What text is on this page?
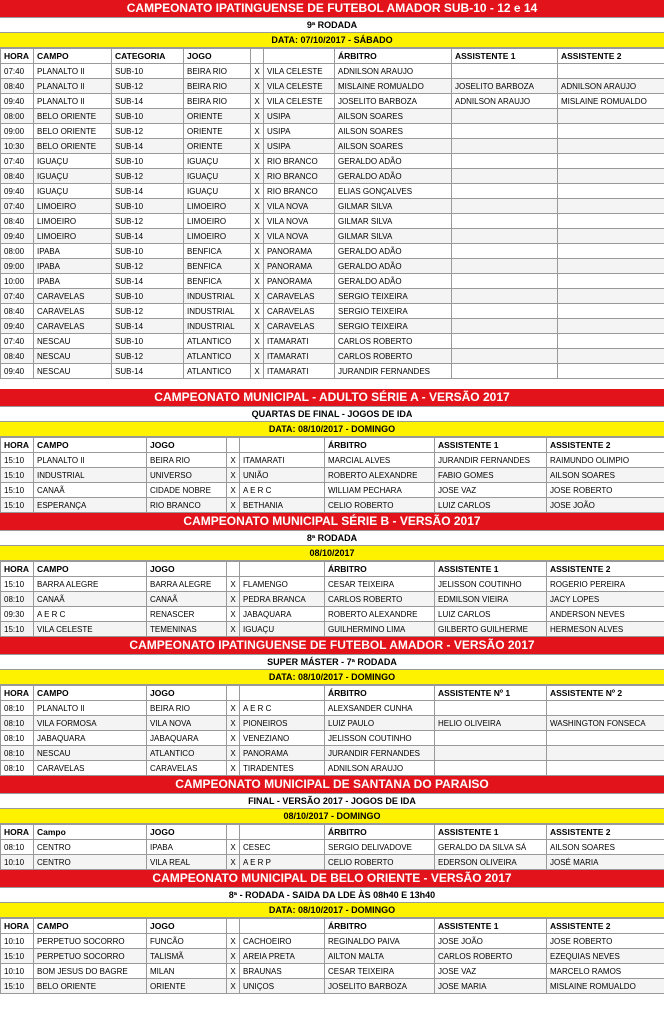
CAMPEONATO IPATINGUENSE DE FUTEBOL AMADOR SUB-10 - 12 e 14
9ª RODADA
DATA: 07/10/2017 - SÁBADO
HORA	CAMPO	CATEGORIA	JOGO			ÁRBITRO	ASSISTENTE 1	ASSISTENTE 2
07:40	PLANALTO II	SUB-10	BEIRA RIO	X	VILA CELESTE	ADNILSON ARAUJO		
08:40	PLANALTO II	SUB-12	BEIRA RIO	X	VILA CELESTE	MISLAINE ROMUALDO	JOSELITO BARBOZA	ADNILSON ARAUJO
09:40	PLANALTO II	SUB-14	BEIRA RIO	X	VILA CELESTE	JOSELITO BARBOZA	ADNILSON ARAUJO	MISLAINE ROMUALDO
08:00	BELO ORIENTE	SUB-10	ORIENTE	X	USIPA	AILSON SOARES		
09:00	BELO ORIENTE	SUB-12	ORIENTE	X	USIPA	AILSON SOARES		
10:30	BELO ORIENTE	SUB-14	ORIENTE	X	USIPA	AILSON SOARES		
07:40	IGUAÇU	SUB-10	IGUAÇU	X	RIO BRANCO	GERALDO ADÃO		
08:40	IGUAÇU	SUB-12	IGUAÇU	X	RIO BRANCO	GERALDO ADÃO		
09:40	IGUAÇU	SUB-14	IGUAÇU	X	RIO BRANCO	ELIAS GONÇALVES		
07:40	LIMOEIRO	SUB-10	LIMOEIRO	X	VILA NOVA	GILMAR SILVA		
08:40	LIMOEIRO	SUB-12	LIMOEIRO	X	VILA NOVA	GILMAR SILVA		
09:40	LIMOEIRO	SUB-14	LIMOEIRO	X	VILA NOVA	GILMAR SILVA		
08:00	IPABA	SUB-10	BENFICA	X	PANORAMA	GERALDO ADÃO		
09:00	IPABA	SUB-12	BENFICA	X	PANORAMA	GERALDO ADÃO		
10:00	IPABA	SUB-14	BENFICA	X	PANORAMA	GERALDO ADÃO		
07:40	CARAVELAS	SUB-10	INDUSTRIAL	X	CARAVELAS	SERGIO TEIXEIRA		
08:40	CARAVELAS	SUB-12	INDUSTRIAL	X	CARAVELAS	SERGIO TEIXEIRA		
09:40	CARAVELAS	SUB-14	INDUSTRIAL	X	CARAVELAS	SERGIO TEIXEIRA		
07:40	NESCAU	SUB-10	ATLANTICO	X	ITAMARATI	CARLOS ROBERTO		
08:40	NESCAU	SUB-12	ATLANTICO	X	ITAMARATI	CARLOS ROBERTO		
09:40	NESCAU	SUB-14	ATLANTICO	X	ITAMARATI	JURANDIR FERNANDES		
CAMPEONATO MUNICIPAL - ADULTO SÉRIE A - VERSÃO 2017
QUARTAS DE FINAL - JOGOS DE IDA
DATA: 08/10/2017 - DOMINGO
HORA	CAMPO	JOGO			ÁRBITRO	ASSISTENTE 1	ASSISTENTE 2
15:10	PLANALTO II	BEIRA RIO	X	ITAMARATI	MARCIAL ALVES	JURANDIR FERNANDES	RAIMUNDO OLIMPIO
15:10	INDUSTRIAL	UNIVERSO	X	UNIÃO	ROBERTO ALEXANDRE	FABIO GOMES	AILSON SOARES
15:10	CANAÃ	CIDADE NOBRE	X	A E R C	WILLIAM PECHARA	JOSE VAZ	JOSE ROBERTO
15:10	ESPERANÇA	RIO BRANCO	X	BETHANIA	CELIO ROBERTO	LUIZ CARLOS	JOSE JOÃO
CAMPEONATO MUNICIPAL SÉRIE B - VERSÃO 2017
8ª RODADA
08/10/2017
HORA	CAMPO	JOGO			ÁRBITRO	ASSISTENTE 1	ASSISTENTE 2
15:10	BARRA ALEGRE	BARRA ALEGRE	X	FLAMENGO	CESAR TEIXEIRA	JELISSON COUTINHO	ROGERIO PEREIRA
08:10	CANAÃ	CANAÃ	X	PEDRA BRANCA	CARLOS ROBERTO	EDMILSON VIEIRA	JACY LOPES
09:30	A E R C	RENASCER	X	JABAQUARA	ROBERTO ALEXANDRE	LUIZ CARLOS	ANDERSON NEVES
15:10	VILA CELESTE	TEMENINAS	X	IGUAÇU	GUILHERMINO LIMA	GILBERTO GUILHERME	HERMESON ALVES
CAMPEONATO IPATINGUENSE DE FUTEBOL AMADOR - VERSÃO 2017
SUPER MÁSTER - 7ª RODADA
DATA: 08/10/2017 - DOMINGO
HORA	CAMPO	JOGO			ÁRBITRO	ASSISTENTE Nº 1	ASSISTENTE Nº 2
08:10	PLANALTO II	BEIRA RIO	X	A E R C	ALEXSANDER CUNHA		
08:10	VILA FORMOSA	VILA NOVA	X	PIONEIROS	LUIZ PAULO	HELIO OLIVEIRA	WASHINGTON FONSECA
08:10	JABAQUARA	JABAQUARA	X	VENEZIANO	JELISSON COUTINHO		
08:10	NESCAU	ATLANTICO	X	PANORAMA	JURANDIR FERNANDES		
08:10	CARAVELAS	CARAVELAS	X	TIRADENTES	ADNILSON ARAUJO		
CAMPEONATO MUNICIPAL DE SANTANA DO PARAISO
FINAL - VERSÃO 2017 - JOGOS DE IDA
08/10/2017 - DOMINGO
HORA	Campo	JOGO			ÁRBITRO	ASSISTENTE 1	ASSISTENTE 2
08:10	CENTRO	IPABA	X	CESEC	SERGIO DELIVADOVE	GERALDO DA SILVA SÁ	AILSON SOARES
10:10	CENTRO	VILA REAL	X	A E R P	CELIO ROBERTO	EDERSON OLIVEIRA	JOSÉ MARIA
CAMPEONATO MUNICIPAL DE BELO ORIENTE - VERSÃO 2017
8ª - RODADA - SAIDA DA LDE ÀS 08h40 E 13h40
DATA: 08/10/2017 - DOMINGO
HORA	CAMPO	JOGO			ÁRBITRO	ASSISTENTE 1	ASSISTENTE 2
10:10	PERPETUO SOCORRO	FUNCÃO	X	CACHOEIRO	REGINALDO PAIVA	JOSE JOÃO	JOSE ROBERTO
15:10	PERPETUO SOCORRO	TALISMÃ	X	AREIA PRETA	AILTON MALTA	CARLOS ROBERTO	EZEQUIAS NEVES
10:10	BOM JESUS DO BAGRE	MILAN	X	BRAUNAS	CESAR TEIXEIRA	JOSE VAZ	MARCELO RAMOS
15:10	BELO ORIENTE	ORIENTE	X	UNIÇOS	JOSELITO BARBOZA	JOSE MARIA	MISLAINE ROMUALDO
